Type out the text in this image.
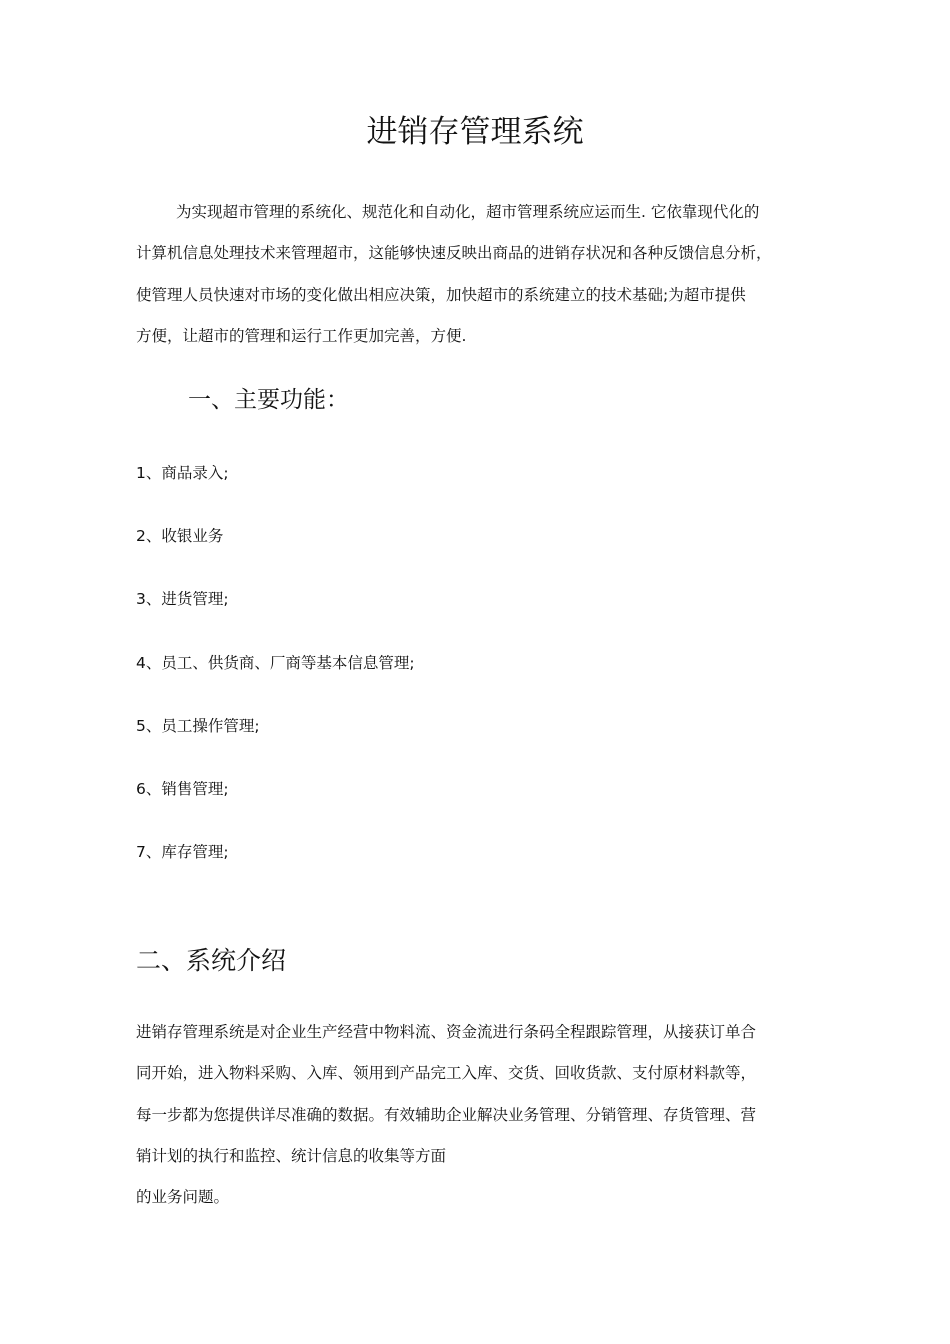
进销存管理系统

为实现超市管理的系统化、规范化和自动化，超市管理系统应运而生. 它依靠现代化的
计算机信息处理技术来管理超市，这能够快速反映出商品的进销存状况和各种反馈信息分析，
使管理人员快速对市场的变化做出相应决策，加快超市的系统建立的技术基础;为超市提供
方便，让超市的管理和运行工作更加完善，方便.

一、主要功能：
1、商品录入;
2、收银业务
3、进货管理;
4、员工、供货商、厂商等基本信息管理;
5、员工操作管理;
6、销售管理;
7、库存管理;
二、系统介绍

进销存管理系统是对企业生产经营中物料流、资金流进行条码全程跟踪管理，从接获订单合
同开始，进入物料采购、入库、领用到产品完工入库、交货、回收货款、支付原材料款等，
每一步都为您提供详尽准确的数据。有效辅助企业解决业务管理、分销管理、存货管理、营
销计划的执行和监控、统计信息的收集等方面
的业务问题。
